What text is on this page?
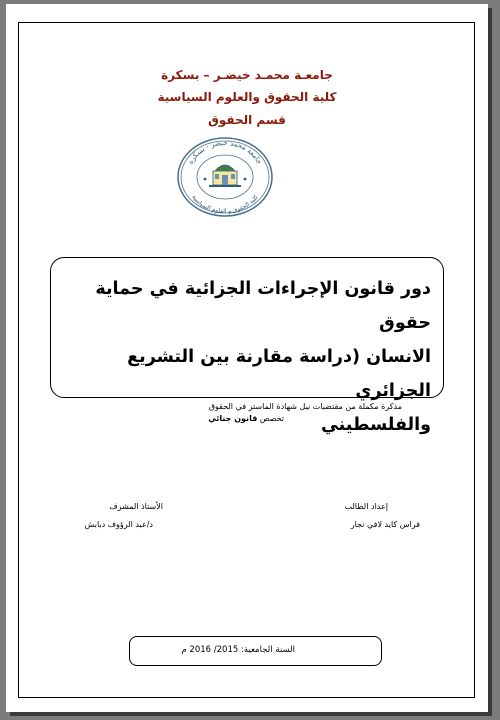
جامعـة محمـد خيضـر – بسكرة
كلية الحقوق والعلوم السياسية
قسم الحقوق
جامعة محمد خيضر - بسكرة
كلية الحقوق و العلوم السياسية
دور قانون الإجراءات الجزائية في حماية حقوق
الانسان (دراسة مقارنة بين التشريع الجزائري
والفلسطيني
مذكرة مكملة من مقتضيات نيل شهادة الماستر في الحقوق
تخصص قانون جنائي
إعداد الطالب
فراس كايد لافي نجار
الأستاذ المشرف
د/عبد الرؤوف دبابش
السنة الجامعية: 2015/ 2016 م
